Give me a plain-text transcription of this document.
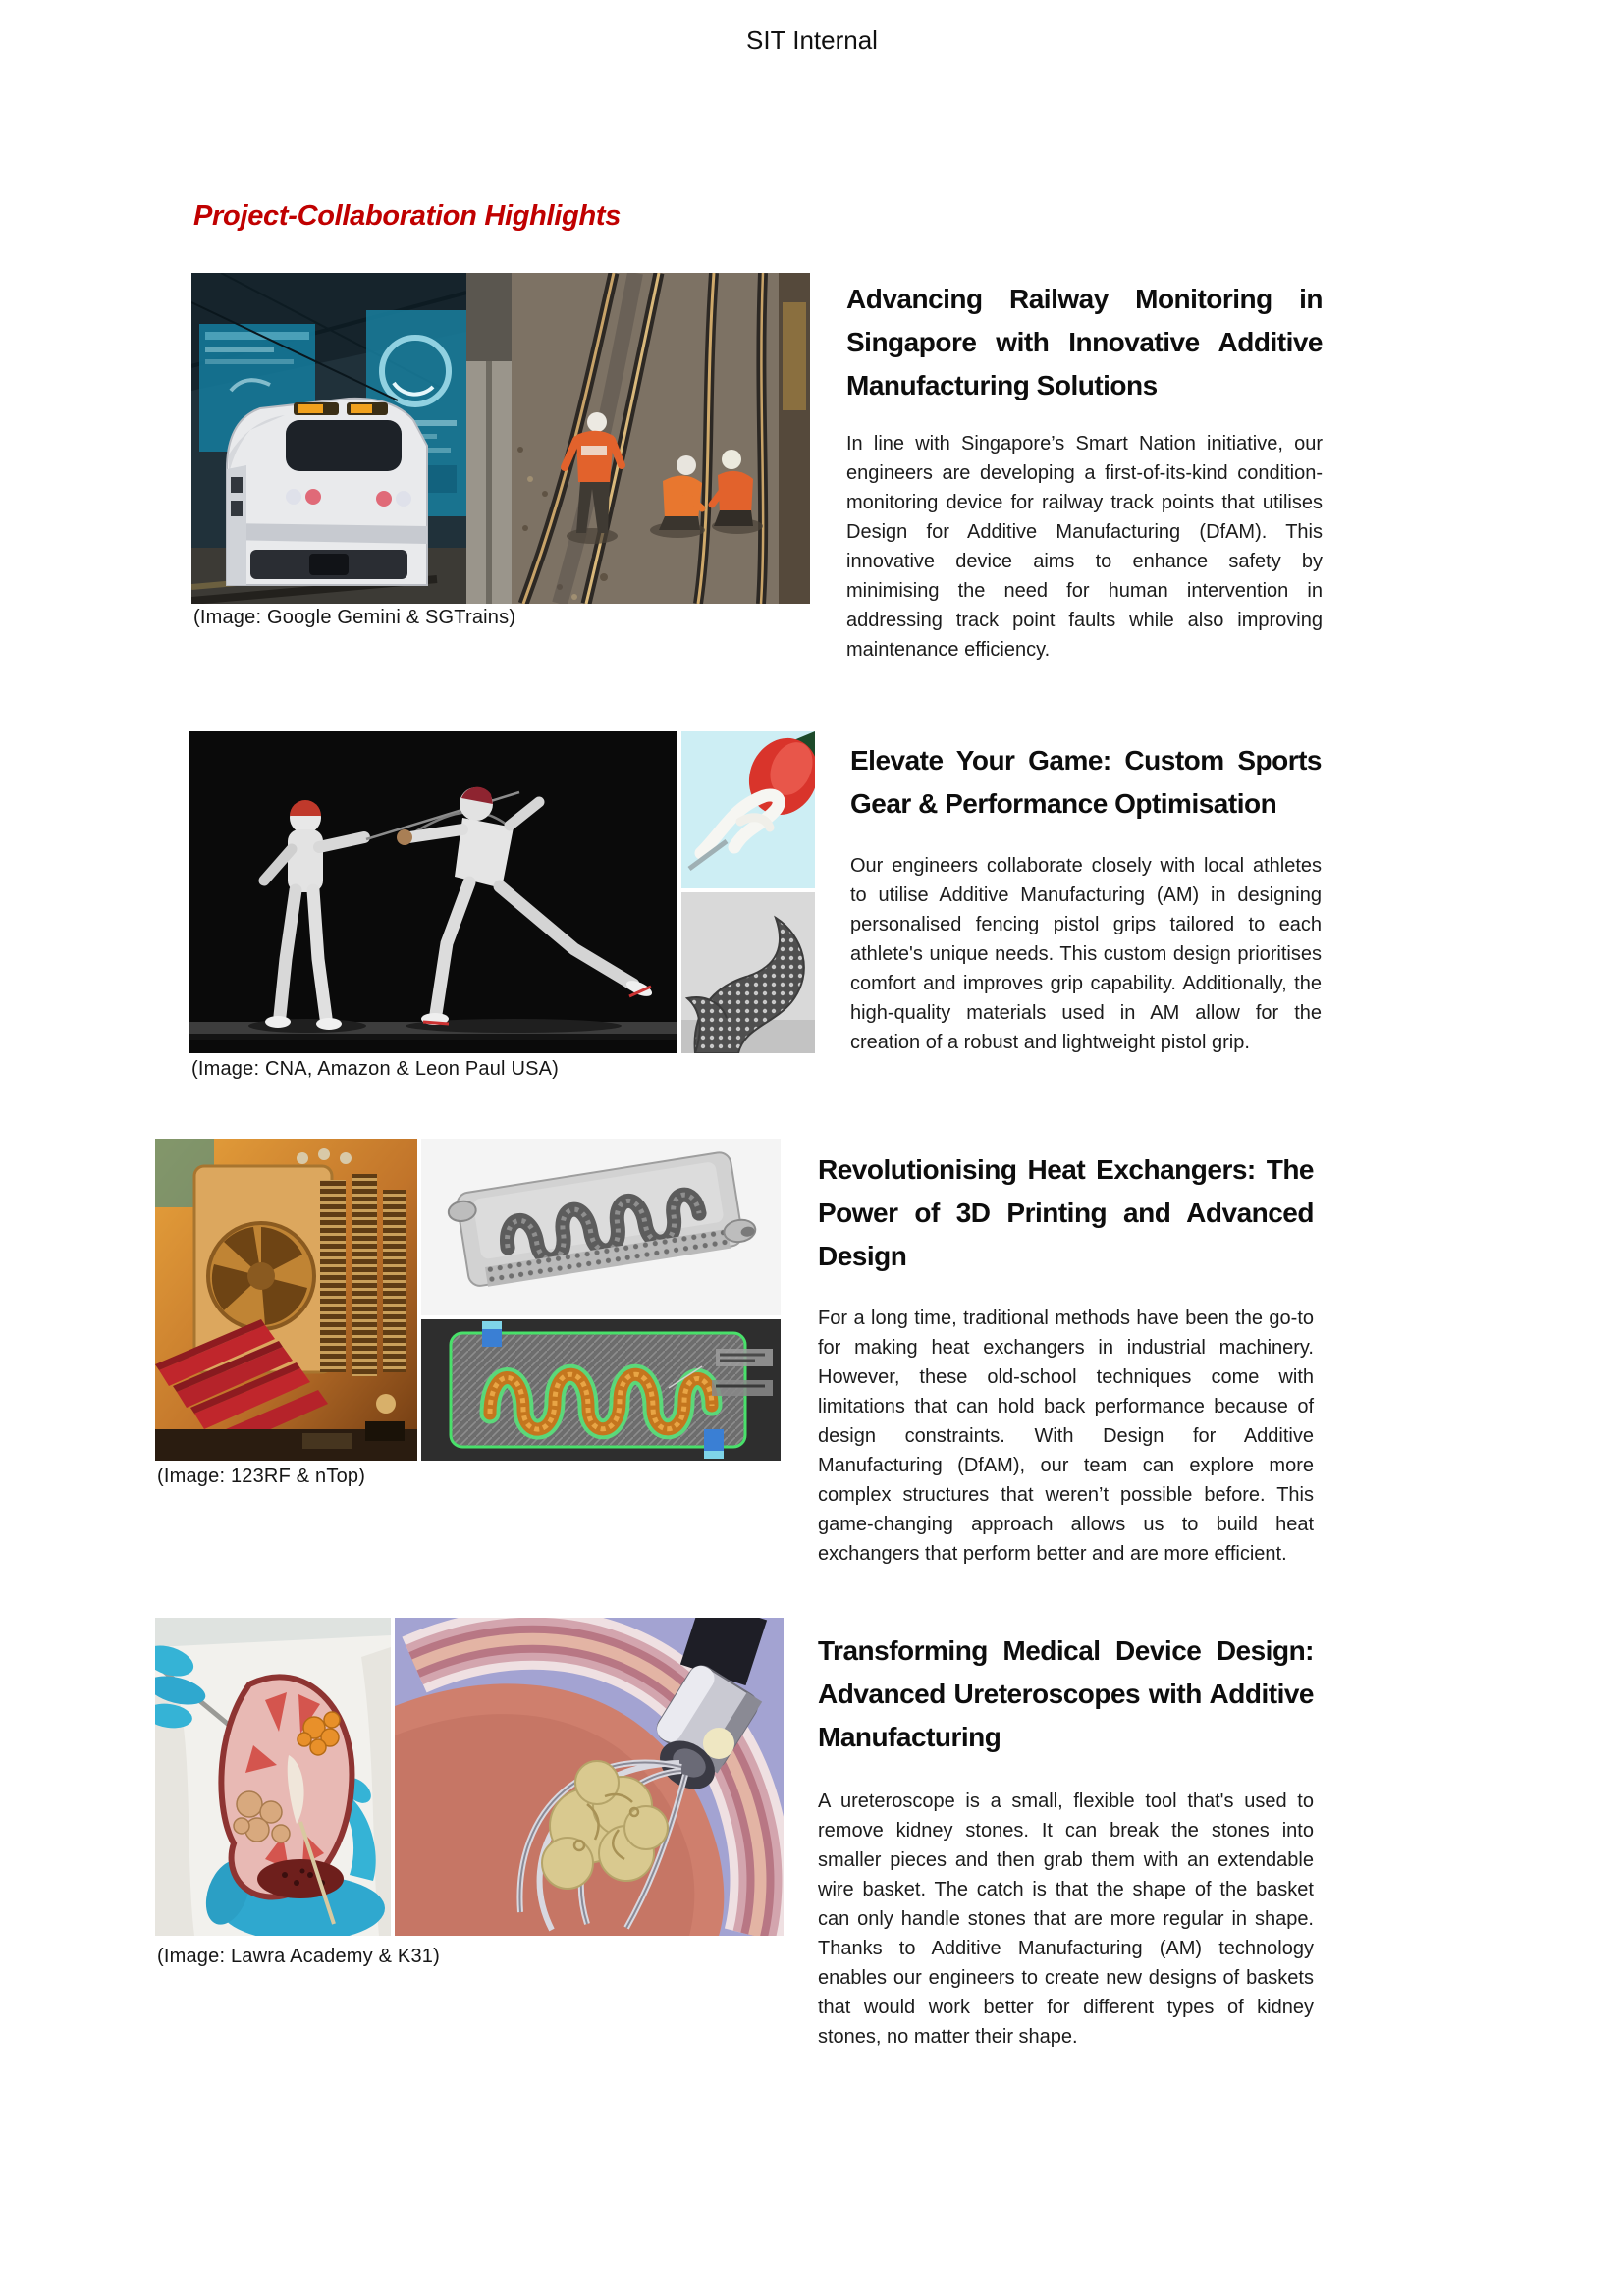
SIT Internal
Project-Collaboration Highlights
(Image: Google Gemini & SGTrains)
Advancing Railway Monitoring in Singapore with Innovative Additive Manufacturing Solutions
In line with Singapore’s Smart Nation initiative, our engineers are developing a first-of-its-kind condition-monitoring device for railway track points that utilises Design for Additive Manufacturing (DfAM). This innovative device aims to enhance safety by minimising the need for human intervention in addressing track point faults while also improving maintenance efficiency.
(Image: CNA, Amazon & Leon Paul USA)
Elevate Your Game: Custom Sports Gear & Performance Optimisation
Our engineers collaborate closely with local athletes to utilise Additive Manufacturing (AM) in designing personalised fencing pistol grips tailored to each athlete's unique needs. This custom design prioritises comfort and improves grip capability. Additionally, the high-quality materials used in AM allow for the creation of a robust and lightweight pistol grip.
(Image: 123RF & nTop)
Revolutionising Heat Exchangers: The Power of 3D Printing and Advanced Design
For a long time, traditional methods have been the go-to for making heat exchangers in industrial machinery. However, these old-school techniques come with limitations that can hold back performance because of design constraints. With Design for Additive Manufacturing (DfAM), our team can explore more complex structures that weren’t possible before. This game-changing approach allows us to build heat exchangers that perform better and are more efficient.
(Image: Lawra Academy & K31)
Transforming Medical Device Design: Advanced Ureteroscopes with Additive Manufacturing
A ureteroscope is a small, flexible tool that's used to remove kidney stones. It can break the stones into smaller pieces and then grab them with an extendable wire basket. The catch is that the shape of the basket can only handle stones that are more regular in shape. Thanks to Additive Manufacturing (AM) technology enables our engineers to create new designs of baskets that would work better for different types of kidney stones, no matter their shape.
